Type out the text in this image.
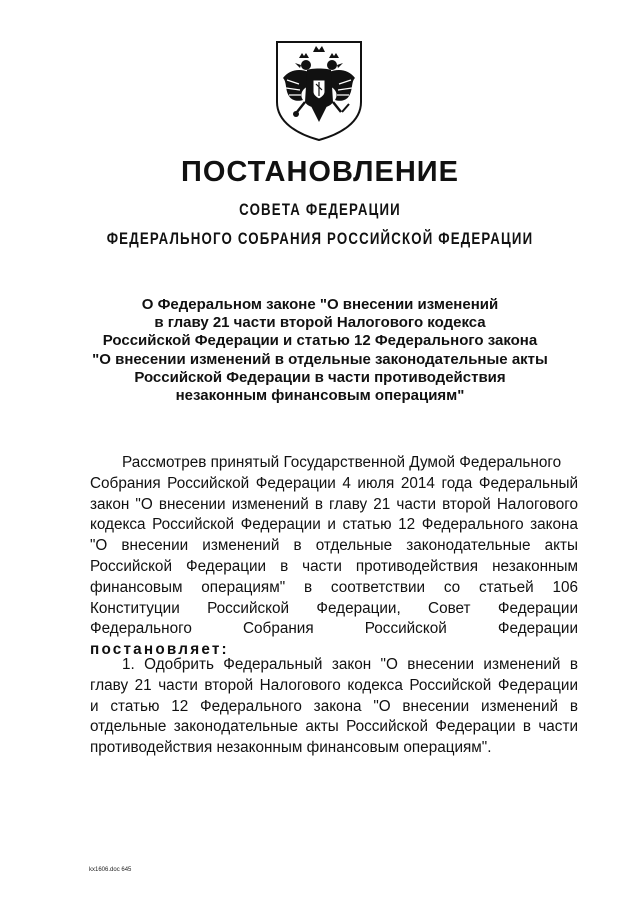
ПОСТАНОВЛЕНИЕ
СОВЕТА ФЕДЕРАЦИИ
ФЕДЕРАЛЬНОГО СОБРАНИЯ РОССИЙСКОЙ ФЕДЕРАЦИИ
О Федеральном законе "О внесении изменений
в главу 21 части второй Налогового кодекса
Российской Федерации и статью 12 Федерального закона
"О внесении изменений в отдельные законодательные акты
Российской Федерации в части противодействия
незаконным финансовым операциям"
Рассмотрев принятый Государственной Думой Федерального
Собрания Российской Федерации 4 июля 2014 года Федеральный
закон "О внесении изменений в главу 21 части второй Налогового
кодекса Российской Федерации и статью 12 Федерального закона
"О внесении изменений в отдельные законодательные акты
Российской Федерации в части противодействия незаконным
финансовым операциям" в соответствии со статьей 106
Конституции Российской Федерации, Совет Федерации
Федерального Собрания Российской Федерации
постановляет:
1. Одобрить Федеральный закон "О внесении изменений в
главу 21 части второй Налогового кодекса Российской Федерации
и статью 12 Федерального закона "О внесении изменений в
отдельные законодательные акты Российской Федерации в части
противодействия незаконным финансовым операциям".
kx1606.doc 645
